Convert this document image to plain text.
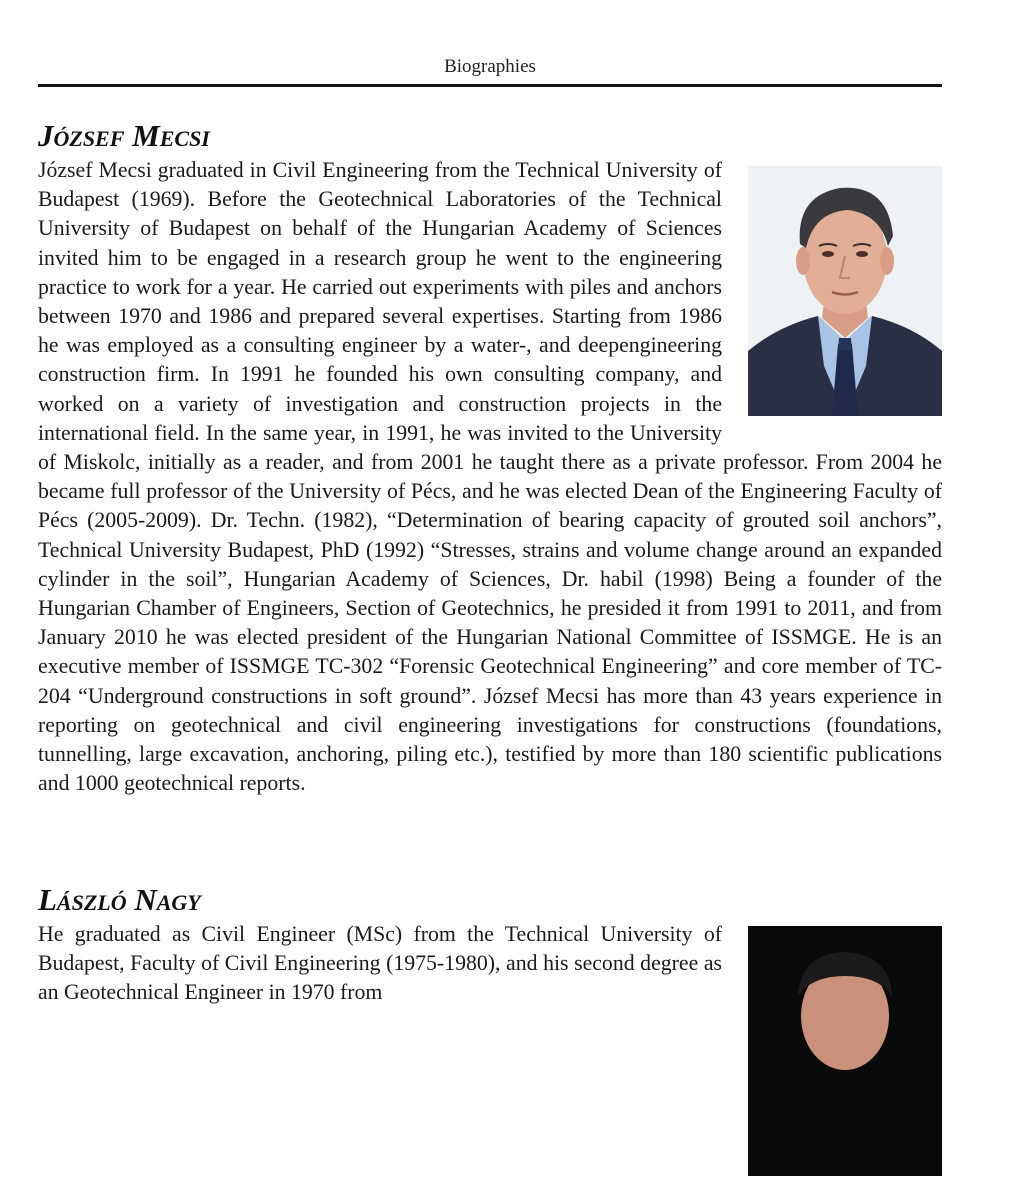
Biographies
József Mecsi

József Mecsi graduated in Civil Engineering from the Technical University of Budapest (1969). Before the Geotechnical Laboratories of the Technical University of Budapest on behalf of the Hungarian Academy of Sciences invited him to be engaged in a research group he went to the engineering practice to work for a year. He carried out experiments with piles and anchors between 1970 and 1986 and prepared several expertises. Starting from 1986 he was employed as a consulting engineer by a water-, and deepengineering construction firm. In 1991 he founded his own consulting company, and worked on a variety of investigation and construction projects in the international field. In the same year, in 1991, he was invited to the University of Miskolc, initially as a reader, and from 2001 he taught there as a private professor. From 2004 he became full professor of the University of Pécs, and he was elected Dean of the Engineering Faculty of Pécs (2005-2009). Dr. Techn. (1982), “Determination of bearing capacity of grouted soil anchors”, Technical University Budapest, PhD (1992) “Stresses, strains and volume change around an expanded cylinder in the soil”, Hungarian Academy of Sciences, Dr. habil (1998) Being a founder of the Hungarian Chamber of Engineers, Section of Geotechnics, he presided it from 1991 to 2011, and from January 2010 he was elected president of the Hungarian National Committee of ISSMGE. He is an executive member of ISSMGE TC-302 “Forensic Geotechnical Engineering” and core member of TC-204 “Underground constructions in soft ground”. József Mecsi has more than 43 years experience in reporting on geotechnical and civil engineering investigations for constructions (foundations, tunnelling, large excavation, anchoring, piling etc.), testified by more than 180 scientific publications and 1000 geotechnical reports.

László Nagy

He graduated as Civil Engineer (MSc) from the Technical University of Budapest, Faculty of Civil Engineering (1975-1980), and his second degree as an Geotechnical Engineer in 1970 from
